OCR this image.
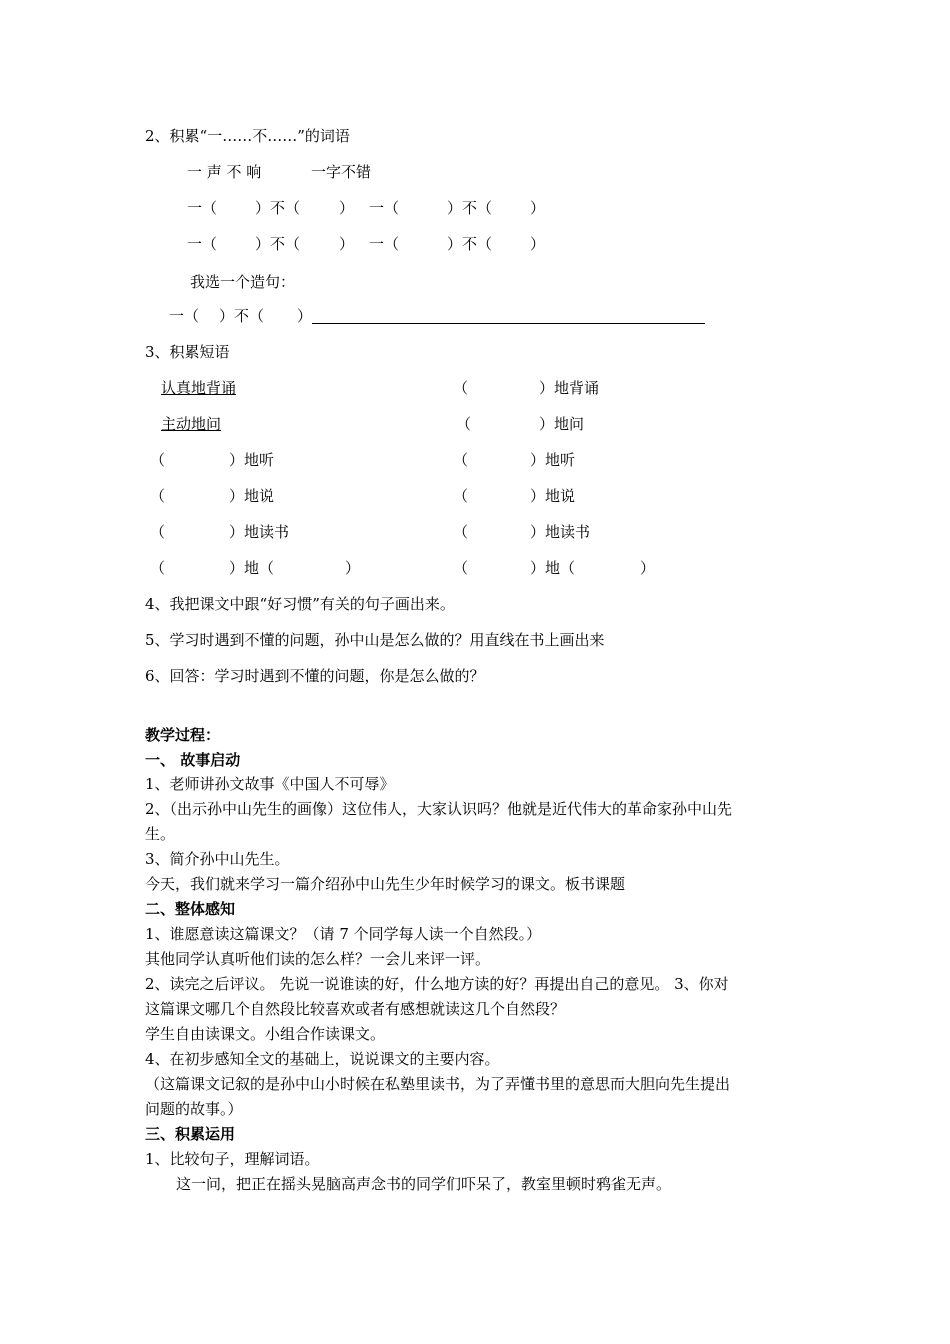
2、积累“一……不……”的词语
一 声 不 响	一字不错
一（	）不（	） 一（	）不（	）
一（	）不（	） 一（	）不（	）
我选一个造句：
一（ ）不（ ）
3、积累短语
认真地背诵	（	）地背诵
主动地问	（	）地问
（	）地听	（	）地听
（	）地说	（	）地说
（	）地读书	（	）地读书
（	）地（	）	（	）地（	）
4、我把课文中跟“好习惯”有关的句子画出来。
5、学习时遇到不懂的问题，孙中山是怎么做的？用直线在书上画出来
6、回答：学习时遇到不懂的问题，你是怎么做的？
教学过程：
一、 故事启动
1、老师讲孙文故事《中国人不可辱》
2、（出示孙中山先生的画像）这位伟人，大家认识吗？他就是近代伟大的革命家孙中山先
生。
3、简介孙中山先生。
今天，我们就来学习一篇介绍孙中山先生少年时候学习的课文。板书课题
二、整体感知
1、谁愿意读这篇课文？（请 7 个同学每人读一个自然段。）
其他同学认真听他们读的怎么样？一会儿来评一评。
2、读完之后评议。 先说一说谁读的好，什么地方读的好？再提出自己的意见。 3、你对
这篇课文哪几个自然段比较喜欢或者有感想就读这几个自然段？
学生自由读课文。小组合作读课文。
4、在初步感知全文的基础上，说说课文的主要内容。
（这篇课文记叙的是孙中山小时候在私塾里读书，为了弄懂书里的意思而大胆向先生提出
问题的故事。）
三、积累运用
1、比较句子，理解词语。
这一问，把正在摇头晃脑高声念书的同学们吓呆了，教室里顿时鸦雀无声。
